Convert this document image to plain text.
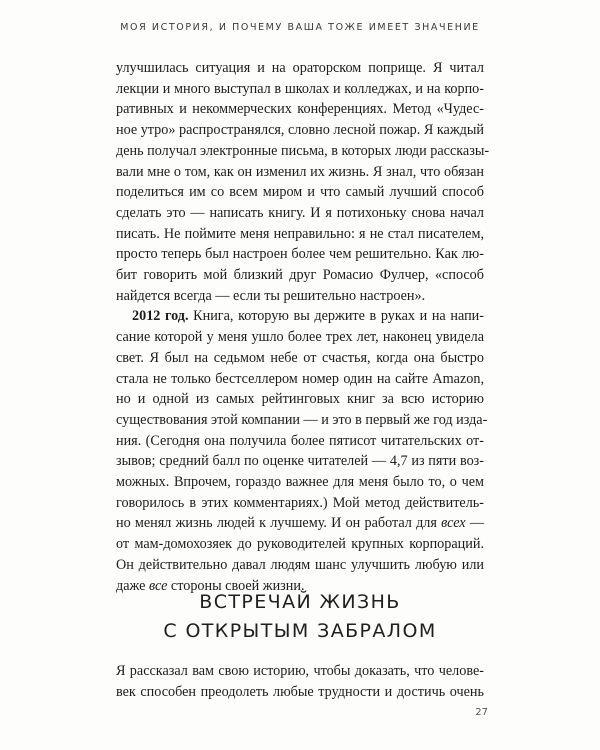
МОЯ ИСТОРИЯ, И ПОЧЕМУ ВАША ТОЖЕ ИМЕЕТ ЗНАЧЕНИЕ

улучшилась ситуация и на ораторском поприще. Я читал
лекции и много выступал в школах и колледжах, и на корпо-
ративных и некоммерческих конференциях. Метод «Чудес-
ное утро» распространялся, словно лесной пожар. Я каждый
день получал электронные письма, в которых люди рассказы-
вали мне о том, как он изменил их жизнь. Я знал, что обязан
поделиться им со всем миром и что самый лучший способ
сделать это — написать книгу. И я потихоньку снова начал
писать. Не поймите меня неправильно: я не стал писателем,
просто теперь был настроен более чем решительно. Как лю-
бит говорить мой близкий друг Ромасио Фулчер, «способ
найдется всегда — если ты решительно настроен».

2012 год. Книга, которую вы держите в руках и на напи-
сание которой у меня ушло более трех лет, наконец увидела
свет. Я был на седьмом небе от счастья, когда она быстро
стала не только бестселлером номер один на сайте Amazon,
но и одной из самых рейтинговых книг за всю историю
существования этой компании — и это в первый же год изда-
ния. (Сегодня она получила более пятисот читательских от-
зывов; средний балл по оценке читателей — 4,7 из пяти воз-
можных. Впрочем, гораздо важнее для меня было то, о чем
говорилось в этих комментариях.) Мой метод действитель-
но менял жизнь людей к лучшему. И он работал для всех —
от мам-домохозяек до руководителей крупных корпораций.
Он действительно давал людям шанс улучшить любую или
даже все стороны своей жизни.

ВСТРЕЧАЙ ЖИЗНЬ
С ОТКРЫТЫМ ЗАБРАЛОМ

Я рассказал вам свою историю, чтобы доказать, что челове-
век способен преодолеть любые трудности и достичь очень

27
